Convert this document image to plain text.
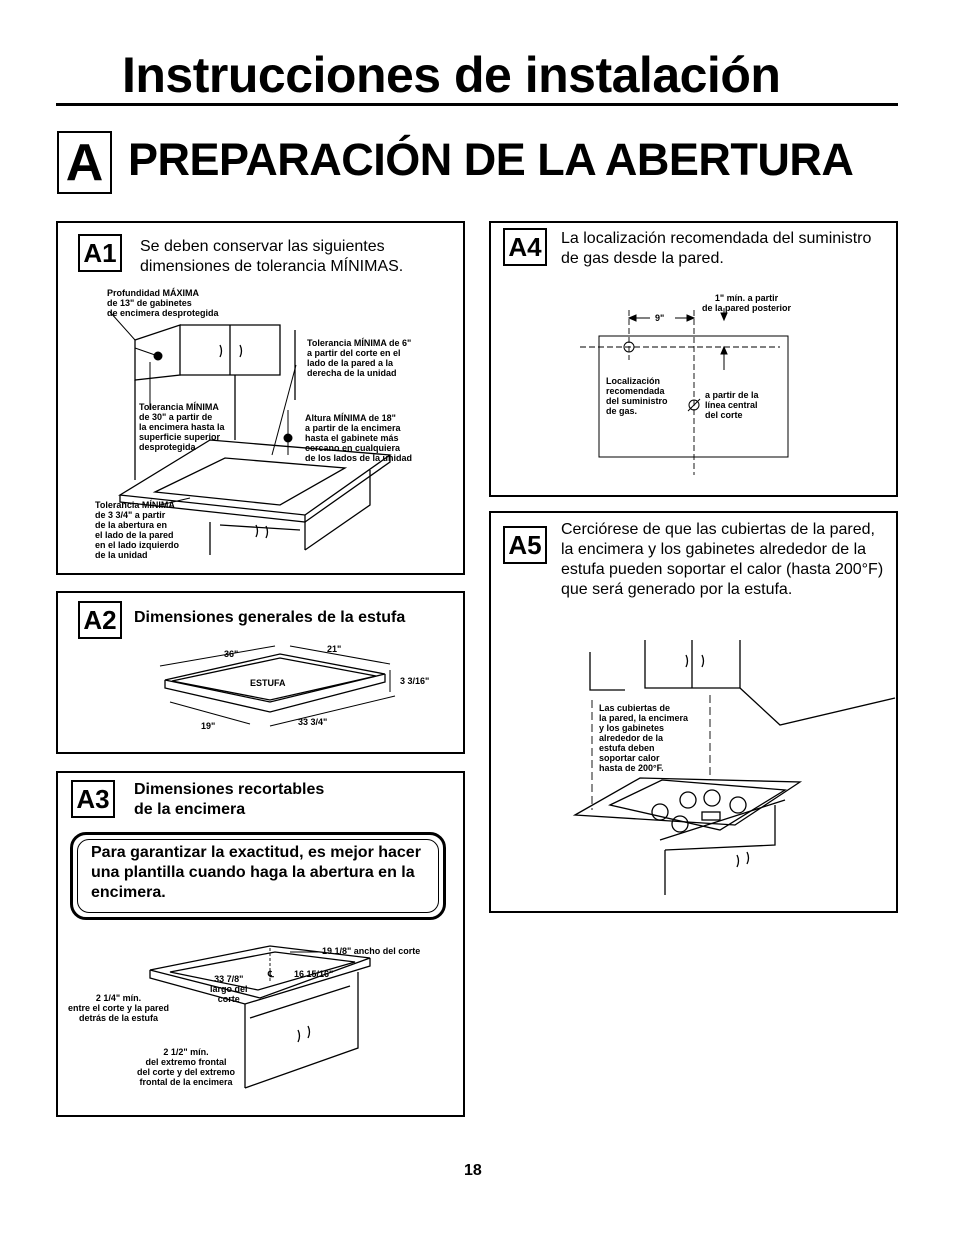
Instrucciones de instalación
A PREPARACIÓN DE LA ABERTURA
A1	Se deben conservar las siguientes dimensiones de tolerancia MÍNIMAS.
Profundidad MÁXIMA
de 13" de gabinetes
de encimera desprotegida
Tolerancia MÍNIMA de 6"
a partir del corte en el
lado de la pared a la
derecha de la unidad
Tolerancia MÍNIMA
de 30" a partir de
la encimera hasta la
superficie superior
desprotegida
Altura MÍNIMA de 18"
a partir de la encimera
hasta el gabinete más
cercano en cualquiera
de los lados de la unidad
Tolerancia MÍNIMA
de 3 3/4" a partir
de la abertura en
el lado de la pared
en el lado izquierdo
de la unidad
A2	Dimensiones generales de la estufa
36"	21"
ESTUFA	3 3/16"
19"	33 3/4"
A3	Dimensiones recortables
de la encimera
Para garantizar la exactitud, es mejor hacer una plantilla cuando haga la abertura en la encimera.
19 1/8" ancho del corte
33 7/8"
largo del
corte
16 15/16"
℄
2 1/4" mín.
entre el corte y la pared
detrás de la estufa
2 1/2" mín.
del extremo frontal
del corte y del extremo
frontal de la encimera
A4	La localización recomendada del suministro de gas desde la pared.
9"
1" mín. a partir
de la pared posterior
Localización
recomendada
del suministro
de gas.
a partir de la
línea central
del corte
A5	Cerciórese de que las cubiertas de la pared, la encimera y los gabinetes alrededor de la estufa pueden soportar el calor (hasta 200°F) que será generado por la estufa.
Las cubiertas de
la pared, la encimera
y los gabinetes
alrededor de la
estufa deben
soportar calor
hasta de 200°F.
18
